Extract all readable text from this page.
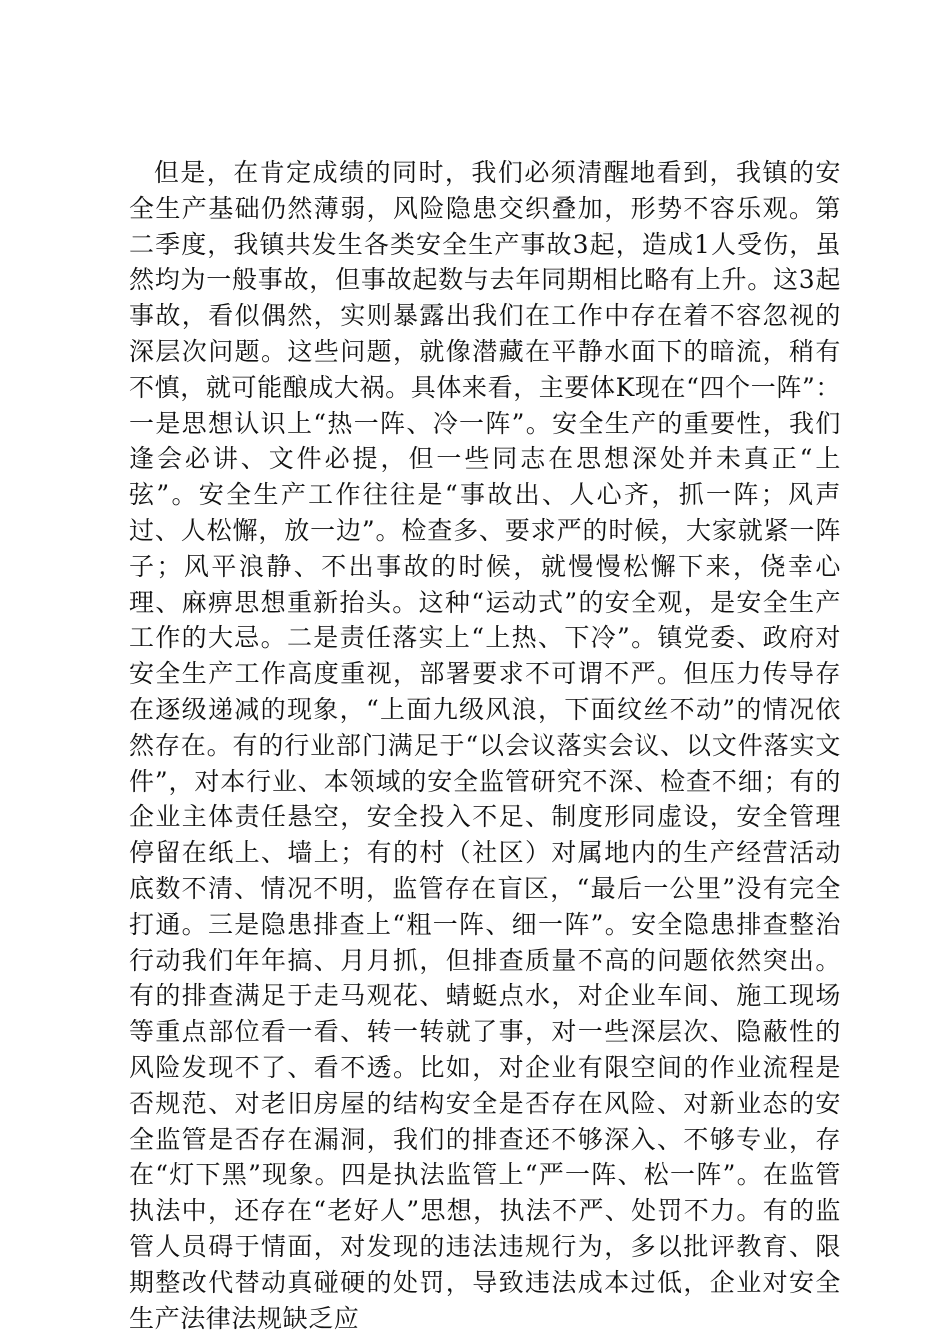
但是，在肯定成绩的同时，我们必须清醒地看到，我镇的安全生产基础仍然薄弱，风险隐患交织叠加，形势不容乐观。第二季度，我镇共发生各类安全生产事故3起，造成1人受伤，虽然均为一般事故，但事故起数与去年同期相比略有上升。这3起事故，看似偶然，实则暴露出我们在工作中存在着不容忽视的深层次问题。这些问题，就像潜藏在平静水面下的暗流，稍有不慎，就可能酿成大祸。具体来看，主要体K现在“四个一阵”：一是思想认识上“热一阵、冷一阵”。安全生产的重要性，我们逢会必讲、文件必提，但一些同志在思想深处并未真正“上弦”。安全生产工作往往是“事故出、人心齐，抓一阵；风声过、人松懈，放一边”。检查多、要求严的时候，大家就紧一阵子；风平浪静、不出事故的时候，就慢慢松懈下来，侥幸心理、麻痹思想重新抬头。这种“运动式”的安全观，是安全生产工作的大忌。二是责任落实上“上热、下冷”。镇党委、政府对安全生产工作高度重视，部署要求不可谓不严。但压力传导存在逐级递减的现象，“上面九级风浪，下面纹丝不动”的情况依然存在。有的行业部门满足于“以会议落实会议、以文件落实文件”，对本行业、本领域的安全监管研究不深、检查不细；有的企业主体责任悬空，安全投入不足、制度形同虚设，安全管理停留在纸上、墙上；有的村（社区）对属地内的生产经营活动底数不清、情况不明，监管存在盲区，“最后一公里”没有完全打通。三是隐患排查上“粗一阵、细一阵”。安全隐患排查整治行动我们年年搞、月月抓，但排查质量不高的问题依然突出。有的排查满足于走马观花、蜻蜓点水，对企业车间、施工现场等重点部位看一看、转一转就了事，对一些深层次、隐蔽性的风险发现不了、看不透。比如，对企业有限空间的作业流程是否规范、对老旧房屋的结构安全是否存在风险、对新业态的安全监管是否存在漏洞，我们的排查还不够深入、不够专业，存在“灯下黑”现象。四是执法监管上“严一阵、松一阵”。在监管执法中，还存在“老好人”思想，执法不严、处罚不力。有的监管人员碍于情面，对发现的违法违规行为，多以批评教育、限期整改代替动真碰硬的处罚，导致违法成本过低，企业对安全生产法律法规缺乏应
